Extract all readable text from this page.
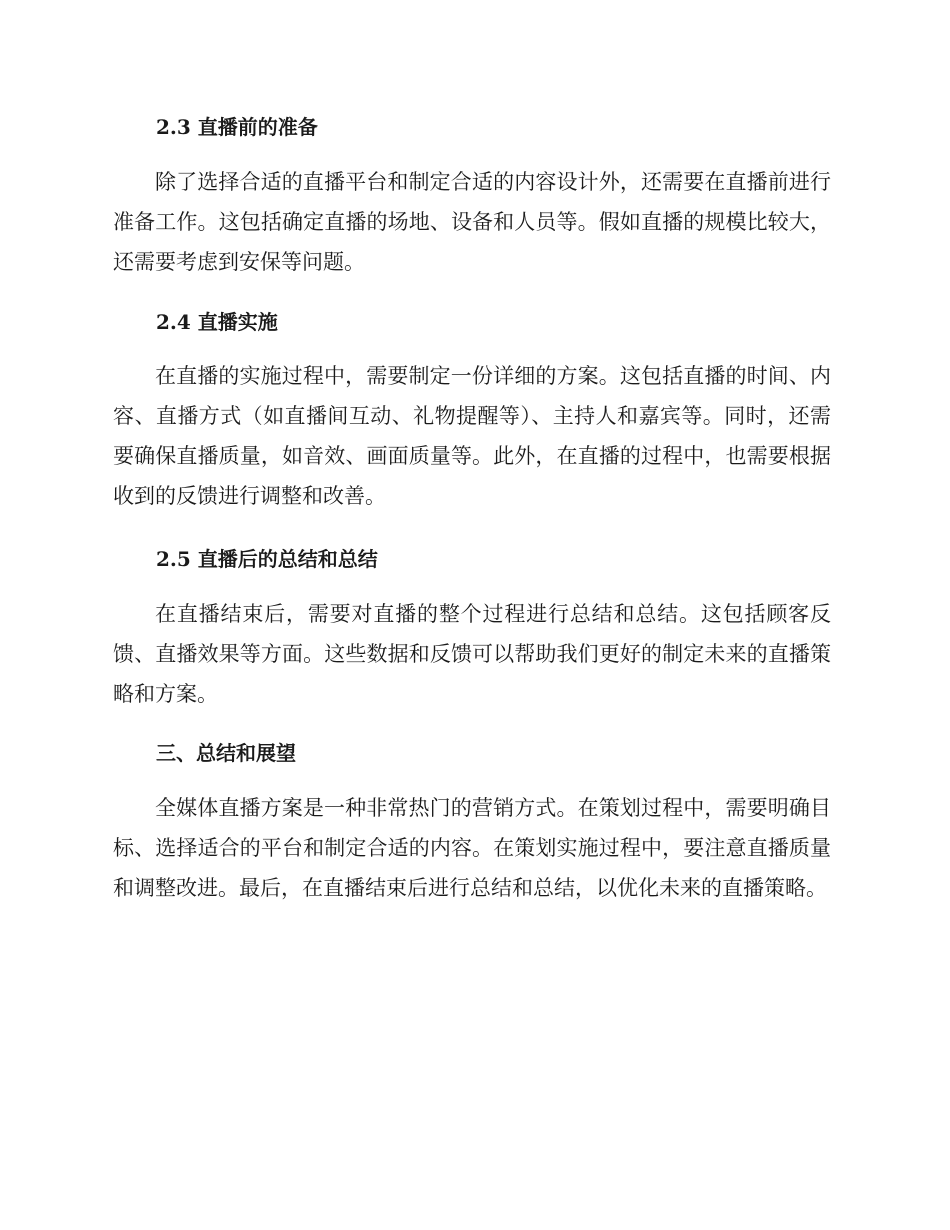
2.3 直播前的准备
除了选择合适的直播平台和制定合适的内容设计外，还需要在直播前进行准备工作。这包括确定直播的场地、设备和人员等。假如直播的规模比较大，还需要考虑到安保等问题。
2.4 直播实施
在直播的实施过程中，需要制定一份详细的方案。这包括直播的时间、内容、直播方式（如直播间互动、礼物提醒等）、主持人和嘉宾等。同时，还需要确保直播质量，如音效、画面质量等。此外，在直播的过程中，也需要根据收到的反馈进行调整和改善。
2.5 直播后的总结和总结
在直播结束后，需要对直播的整个过程进行总结和总结。这包括顾客反馈、直播效果等方面。这些数据和反馈可以帮助我们更好的制定未来的直播策略和方案。
三、总结和展望
全媒体直播方案是一种非常热门的营销方式。在策划过程中，需要明确目标、选择适合的平台和制定合适的内容。在策划实施过程中，要注意直播质量和调整改进。最后，在直播结束后进行总结和总结，以优化未来的直播策略。
